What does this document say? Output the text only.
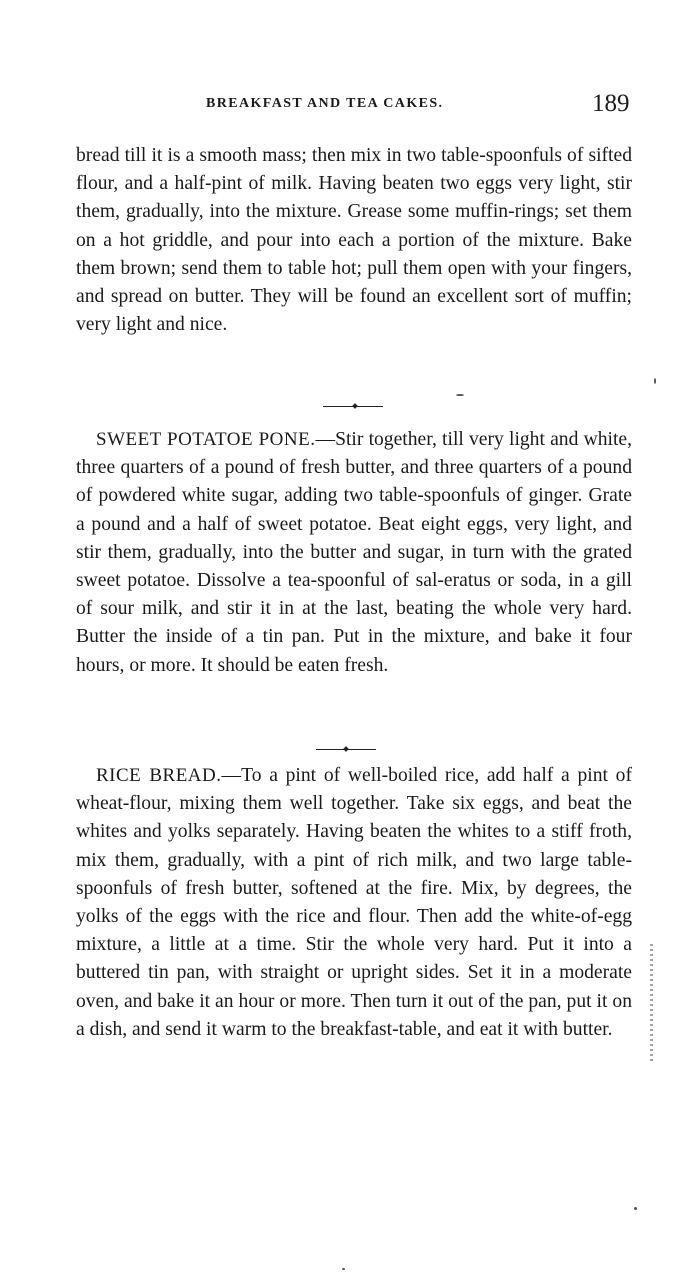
BREAKFAST AND TEA CAKES.	189

bread till it is a smooth mass; then mix in two table-spoonfuls of sifted flour, and a half-pint of milk. Having beaten two eggs very light, stir them, gradually, into the mixture. Grease some muffin-rings; set them on a hot griddle, and pour into each a portion of the mixture. Bake them brown; send them to table hot; pull them open with your fingers, and spread on butter. They will be found an excellent sort of muffin; very light and nice.

SWEET POTATOE PONE.—Stir together, till very light and white, three quarters of a pound of fresh butter, and three quarters of a pound of powdered white sugar, adding two table-spoonfuls of ginger. Grate a pound and a half of sweet potatoe. Beat eight eggs, very light, and stir them, gradually, into the butter and sugar, in turn with the grated sweet potatoe. Dissolve a tea-spoonful of sal-eratus or soda, in a gill of sour milk, and stir it in at the last, beating the whole very hard. Butter the inside of a tin pan. Put in the mixture, and bake it four hours, or more. It should be eaten fresh.

RICE BREAD.—To a pint of well-boiled rice, add half a pint of wheat-flour, mixing them well together. Take six eggs, and beat the whites and yolks separately. Having beaten the whites to a stiff froth, mix them, gradually, with a pint of rich milk, and two large table-spoonfuls of fresh butter, softened at the fire. Mix, by degrees, the yolks of the eggs with the rice and flour. Then add the white-of-egg mixture, a little at a time. Stir the whole very hard. Put it into a buttered tin pan, with straight or upright sides. Set it in a moderate oven, and bake it an hour or more. Then turn it out of the pan, put it on a dish, and send it warm to the breakfast-table, and eat it with butter.
